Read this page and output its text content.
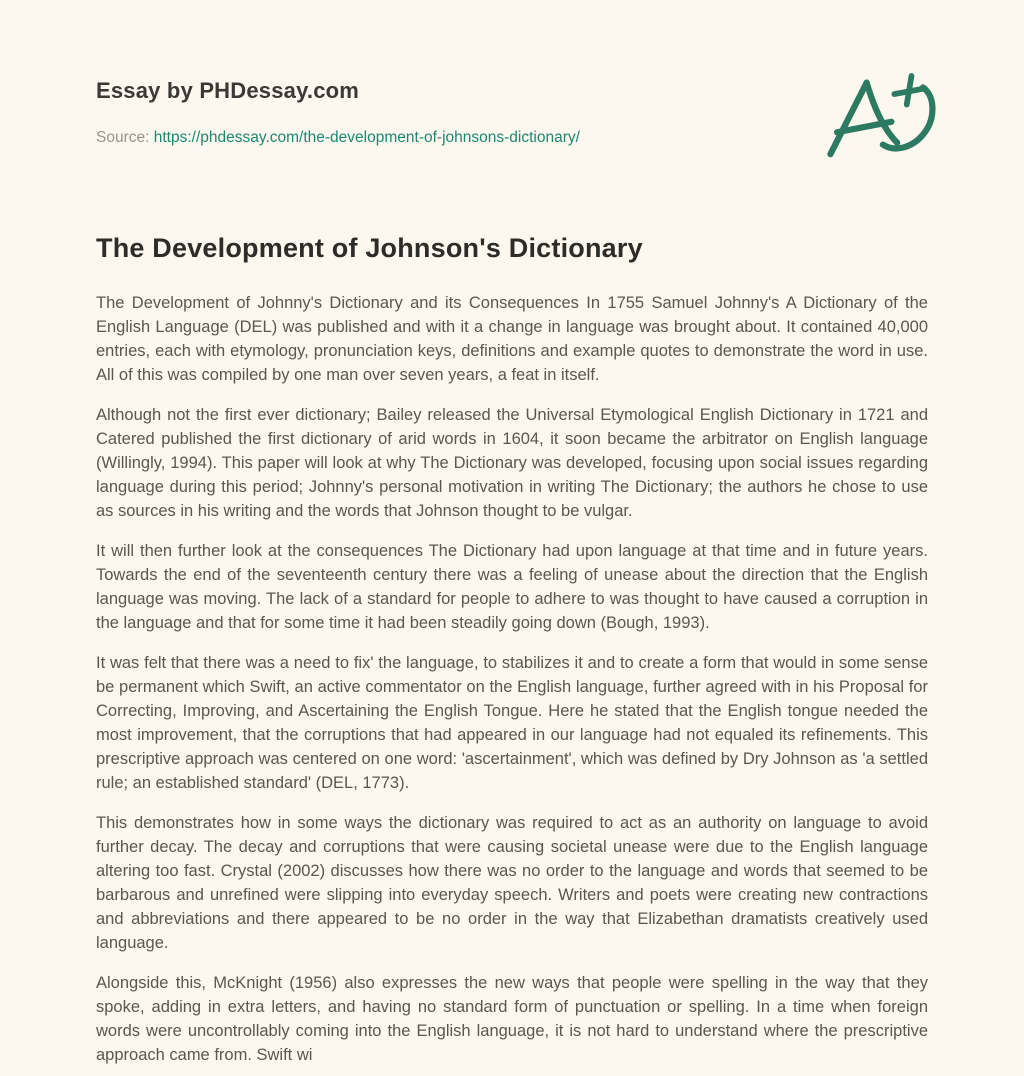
Essay by PHDessay.com
Source: https://phdessay.com/the-development-of-johnsons-dictionary/
The Development of Johnson's Dictionary

The Development of Johnny's Dictionary and its Consequences In 1755 Samuel Johnny's A Dictionary of the English Language (DEL) was published and with it a change in language was brought about. It contained 40,000 entries, each with etymology, pronunciation keys, definitions and example quotes to demonstrate the word in use. All of this was compiled by one man over seven years, a feat in itself.

Although not the first ever dictionary; Bailey released the Universal Etymological English Dictionary in 1721 and Catered published the first dictionary of arid words in 1604, it soon became the arbitrator on English language (Willingly, 1994). This paper will look at why The Dictionary was developed, focusing upon social issues regarding language during this period; Johnny's personal motivation in writing The Dictionary; the authors he chose to use as sources in his writing and the words that Johnson thought to be vulgar.

It will then further look at the consequences The Dictionary had upon language at that time and in future years. Towards the end of the seventeenth century there was a feeling of unease about the direction that the English language was moving. The lack of a standard for people to adhere to was thought to have caused a corruption in the language and that for some time it had been steadily going down (Bough, 1993).

It was felt that there was a need to fix' the language, to stabilizes it and to create a form that would in some sense be permanent which Swift, an active commentator on the English language, further agreed with in his Proposal for Correcting, Improving, and Ascertaining the English Tongue. Here he stated that the English tongue needed the most improvement, that the corruptions that had appeared in our language had not equaled its refinements. This prescriptive approach was centered on one word: 'ascertainment', which was defined by Dry Johnson as 'a settled rule; an established standard' (DEL, 1773).

This demonstrates how in some ways the dictionary was required to act as an authority on language to avoid further decay. The decay and corruptions that were causing societal unease were due to the English language altering too fast. Crystal (2002) discusses how there was no order to the language and words that seemed to be barbarous and unrefined were slipping into everyday speech. Writers and poets were creating new contractions and abbreviations and there appeared to be no order in the way that Elizabethan dramatists creatively used language.

Alongside this, McKnight (1956) also expresses the new ways that people were spelling in the way that they spoke, adding in extra letters, and having no standard form of punctuation or spelling. In a time when foreign words were uncontrollably coming into the English language, it is not hard to understand where the prescriptive approach came from. Swift wi
